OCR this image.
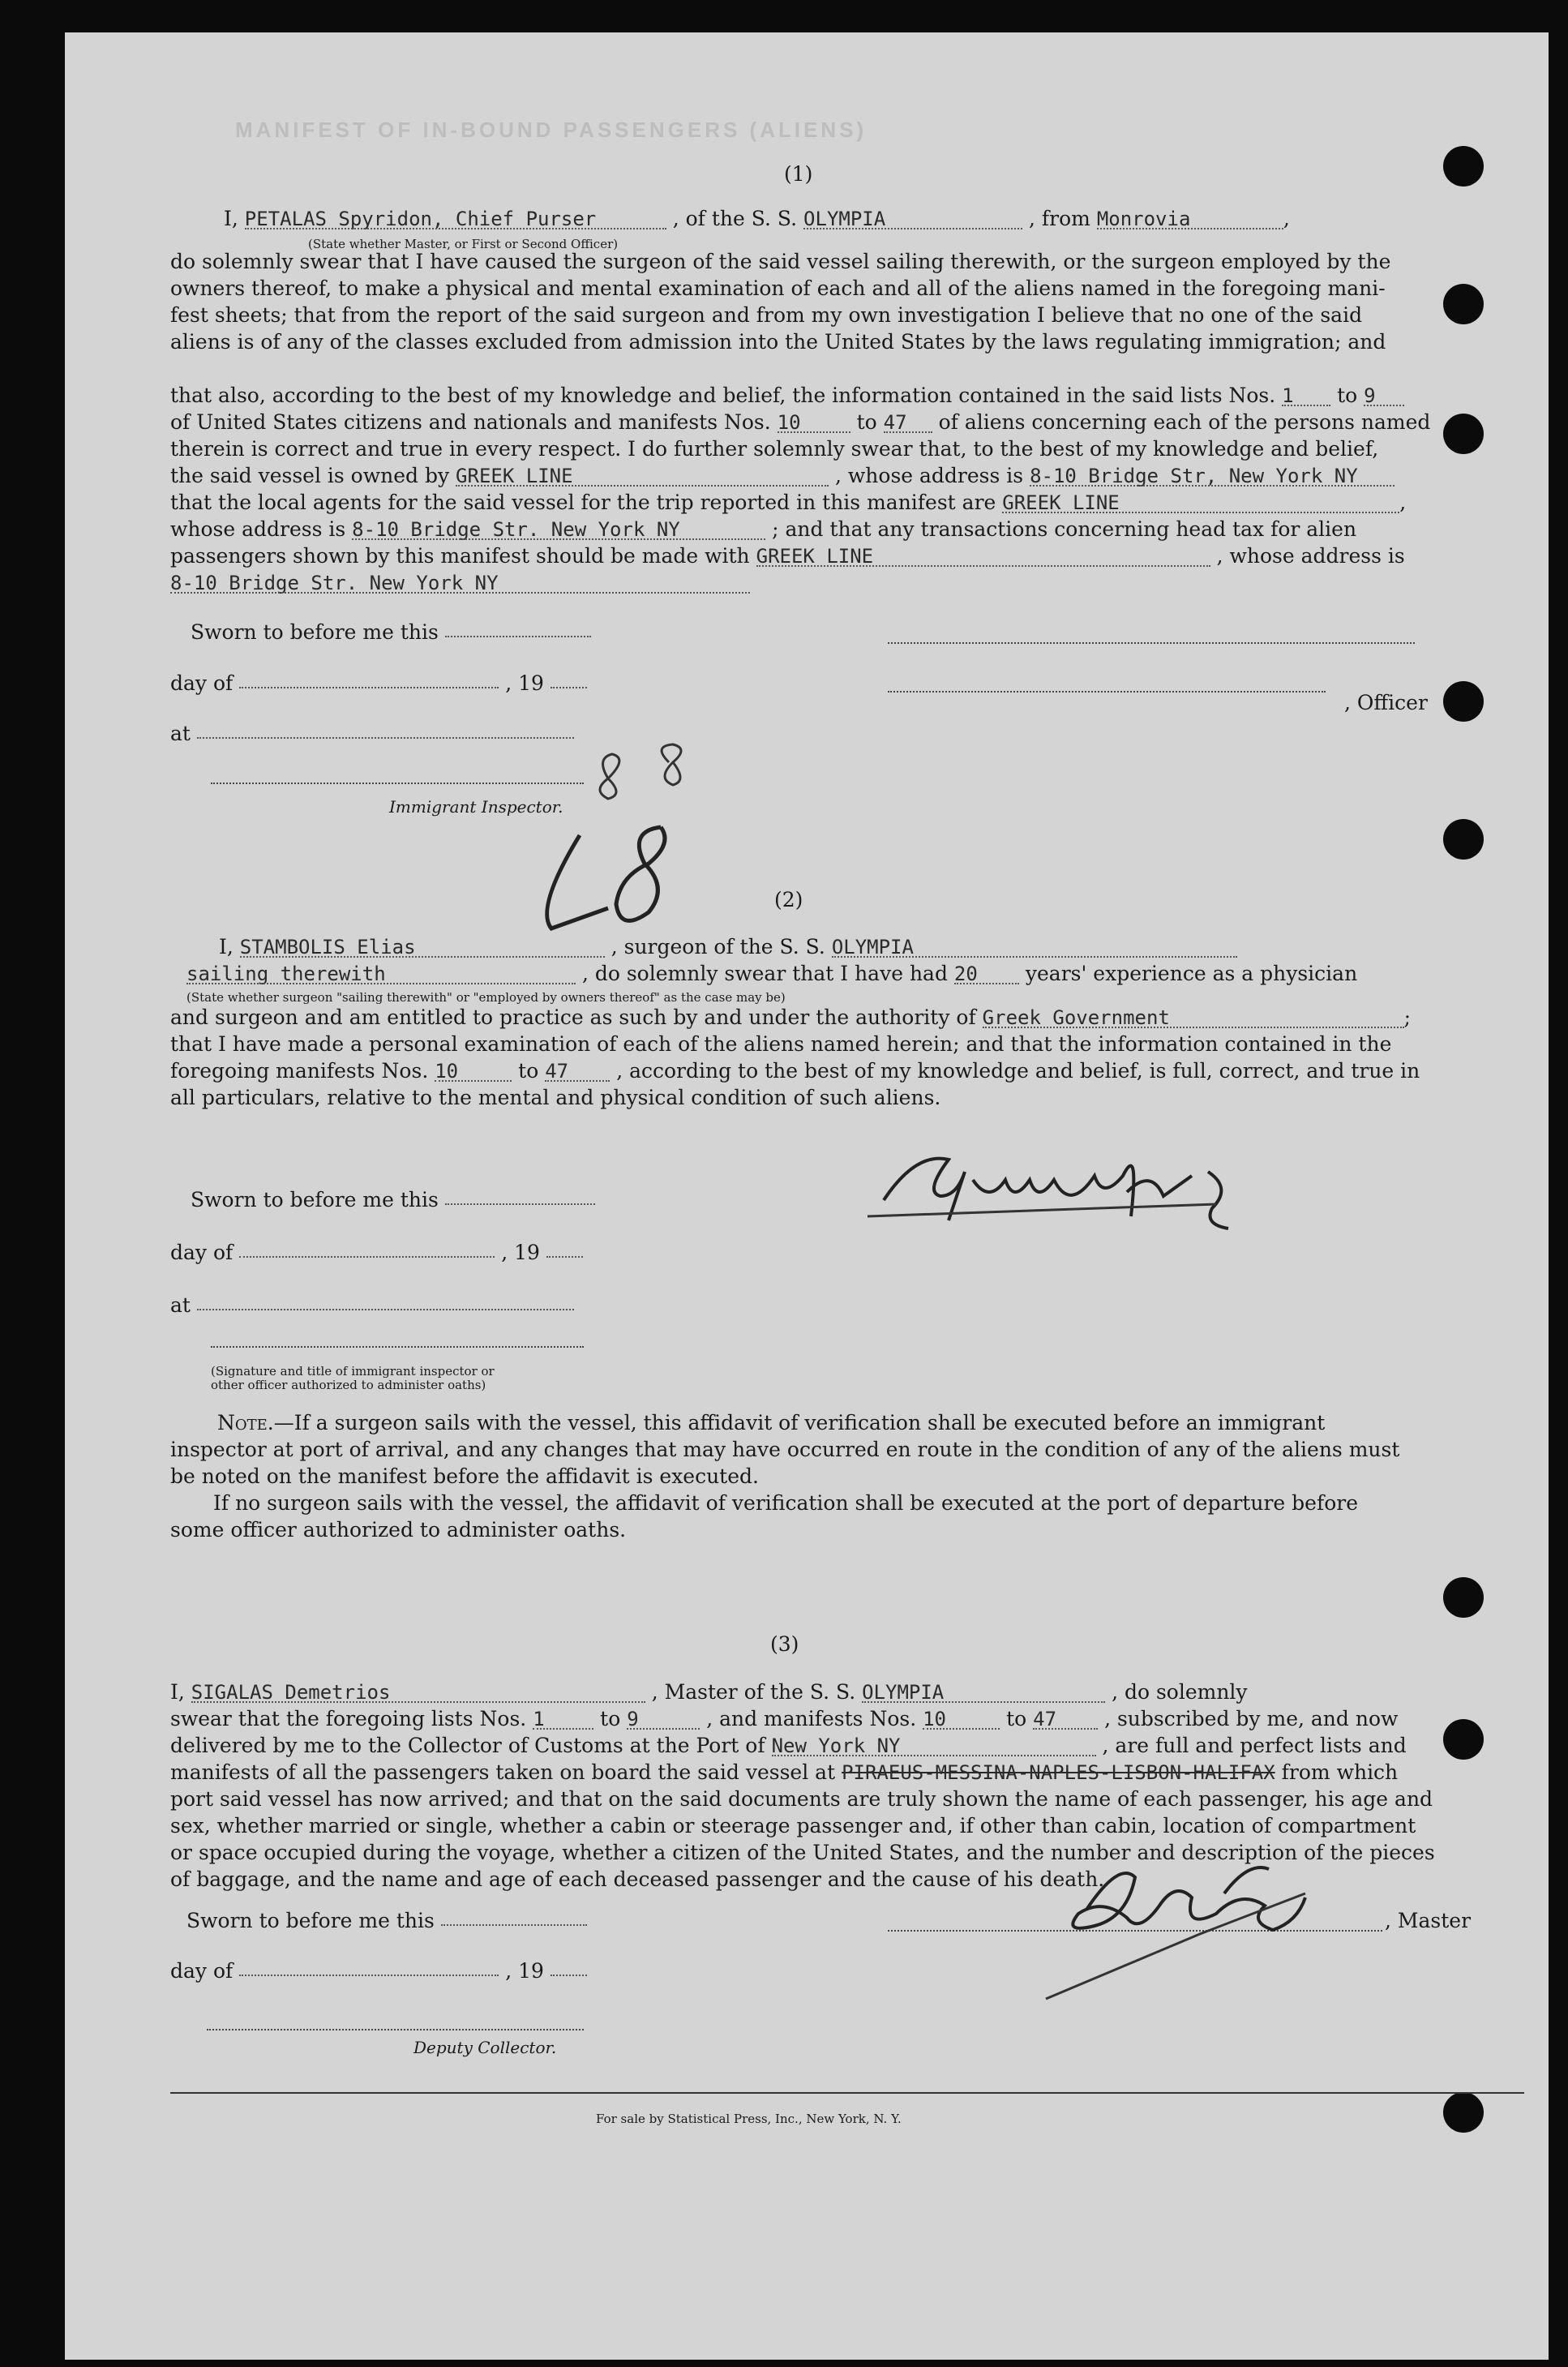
MANIFEST OF IN-BOUND PASSENGERS (ALIENS)
(1)
I, PETALAS Spyridon, Chief Purser	, of the S. S. OLYMPIA	, from Monrovia	,
(State whether Master, or First or Second Officer)
do solemnly swear that I have caused the surgeon of the said vessel sailing therewith, or the surgeon employed by the
owners thereof, to make a physical and mental examination of each and all of the aliens named in the foregoing mani-
fest sheets; that from the report of the said surgeon and from my own investigation I believe that no one of the said
aliens is of any of the classes excluded from admission into the United States by the laws regulating immigration; and
that also, according to the best of my knowledge and belief, the information contained in the said lists Nos. 1 to 9
of United States citizens and nationals and manifests Nos. 10	to 47 of aliens concerning each of the persons named
therein is correct and true in every respect. I do further solemnly swear that, to the best of my knowledge and belief,
the said vessel is owned by GREEK LINE	, whose address is 8-10 Bridge Str, New York NY
that the local agents for the said vessel for the trip reported in this manifest are GREEK LINE	,
whose address is 8-10 Bridge Str. New York NY	; and that any transactions concerning head tax for alien
passengers shown by this manifest should be made with GREEK LINE	, whose address is
8-10 Bridge Str. New York NY
Sworn to before me this
day of	, 19
, Officer
at
Immigrant Inspector.
(2)
I, STAMBOLIS Elias	, surgeon of the S. S. OLYMPIA
sailing therewith	, do solemnly swear that I have had 20 years' experience as a physician
(State whether surgeon "sailing therewith" or "employed by owners thereof" as the case may be)
and surgeon and am entitled to practice as such by and under the authority of Greek Government	;
that I have made a personal examination of each of the aliens named herein; and that the information contained in the
foregoing manifests Nos. 10	to 47 , according to the best of my knowledge and belief, is full, correct, and true in
all particulars, relative to the mental and physical condition of such aliens.
Sworn to before me this
day of	, 19
at
(Signature and title of immigrant inspector or
other officer authorized to administer oaths)
Note.—If a surgeon sails with the vessel, this affidavit of verification shall be executed before an immigrant
inspector at port of arrival, and any changes that may have occurred en route in the condition of any of the aliens must
be noted on the manifest before the affidavit is executed.
If no surgeon sails with the vessel, the affidavit of verification shall be executed at the port of departure before
some officer authorized to administer oaths.
(3)
I, SIGALAS Demetrios	, Master of the S. S. OLYMPIA	, do solemnly
swear that the foregoing lists Nos. 1	to 9	, and manifests Nos. 10	to 47 , subscribed by me, and now
delivered by me to the Collector of Customs at the Port of New York NY	, are full and perfect lists and
manifests of all the passengers taken on board the said vessel at PIRAEUS-MESSINA-NAPLES-LISBON-HALIFAX from which
port said vessel has now arrived; and that on the said documents are truly shown the name of each passenger, his age and
sex, whether married or single, whether a cabin or steerage passenger and, if other than cabin, location of compartment
or space occupied during the voyage, whether a citizen of the United States, and the number and description of the pieces
of baggage, and the name and age of each deceased passenger and the cause of his death.
Sworn to before me this	, Master
day of	, 19
Deputy Collector.
For sale by Statistical Press, Inc., New York, N. Y.
